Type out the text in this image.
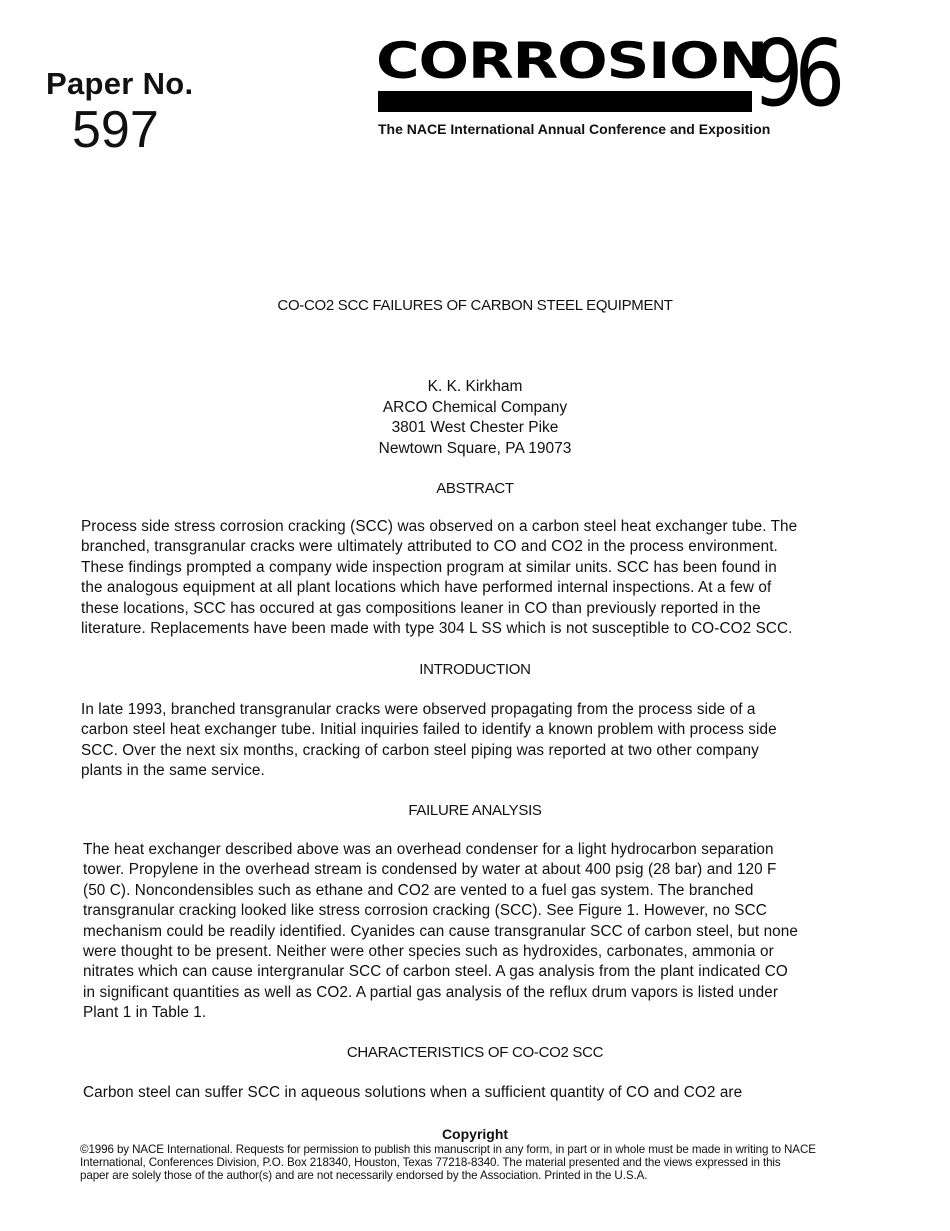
Paper No.
597
CORROSION
96
The NACE International Annual Conference and Exposition
CO-CO2 SCC FAILURES OF CARBON STEEL EQUIPMENT
K. K. Kirkham
ARCO Chemical Company
3801 West Chester Pike
Newtown Square, PA 19073
ABSTRACT
Process side stress corrosion cracking (SCC) was observed on a carbon steel heat exchanger tube. The
branched, transgranular cracks were ultimately attributed to CO and CO2 in the process environment.
These findings prompted a company wide inspection program at similar units. SCC has been found in
the analogous equipment at all plant locations which have performed internal inspections. At a few of
these locations, SCC has occured at gas compositions leaner in CO than previously reported in the
literature. Replacements have been made with type 304 L SS which is not susceptible to CO-CO2 SCC.
INTRODUCTION
In late 1993, branched transgranular cracks were observed propagating from the process side of a
carbon steel heat exchanger tube. Initial inquiries failed to identify a known problem with process side
SCC. Over the next six months, cracking of carbon steel piping was reported at two other company
plants in the same service.
FAILURE ANALYSIS
The heat exchanger described above was an overhead condenser for a light hydrocarbon separation
tower. Propylene in the overhead stream is condensed by water at about 400 psig (28 bar) and 120 F
(50 C). Noncondensibles such as ethane and CO2 are vented to a fuel gas system. The branched
transgranular cracking looked like stress corrosion cracking (SCC). See Figure 1. However, no SCC
mechanism could be readily identified. Cyanides can cause transgranular SCC of carbon steel, but none
were thought to be present. Neither were other species such as hydroxides, carbonates, ammonia or
nitrates which can cause intergranular SCC of carbon steel. A gas analysis from the plant indicated CO
in significant quantities as well as CO2. A partial gas analysis of the reflux drum vapors is listed under
Plant 1 in Table 1.
CHARACTERISTICS OF CO-CO2 SCC
Carbon steel can suffer SCC in aqueous solutions when a sufficient quantity of CO and CO2 are
Copyright
©1996 by NACE International. Requests for permission to publish this manuscript in any form, in part or in whole must be made in writing to NACE
International, Conferences Division, P.O. Box 218340, Houston, Texas 77218-8340. The material presented and the views expressed in this
paper are solely those of the author(s) and are not necessarily endorsed by the Association. Printed in the U.S.A.
